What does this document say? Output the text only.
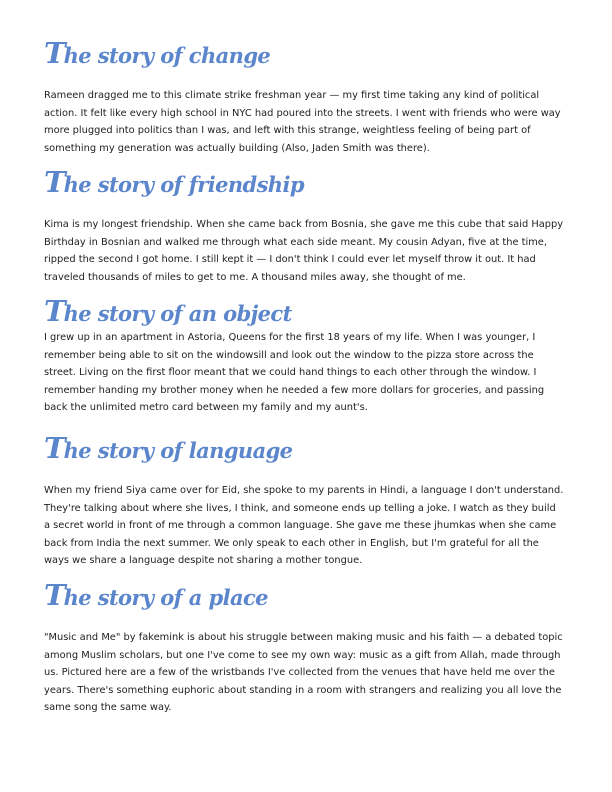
The story of change

Rameen dragged me to this climate strike freshman year — my first time taking any kind of political action. It felt like every high school in NYC had poured into the streets. I went with friends who were way more plugged into politics than I was, and left with this strange, weightless feeling of being part of something my generation was actually building (Also, Jaden Smith was there).

The story of friendship

Kima is my longest friendship. When she came back from Bosnia, she gave me this cube that said Happy Birthday in Bosnian and walked me through what each side meant. My cousin Adyan, five at the time, ripped the second I got home. I still kept it — I don't think I could ever let myself throw it out. It had traveled thousands of miles to get to me. A thousand miles away, she thought of me.

The story of an object

I grew up in an apartment in Astoria, Queens for the first 18 years of my life. When I was younger, I remember being able to sit on the windowsill and look out the window to the pizza store across the street. Living on the first floor meant that we could hand things to each other through the window. I remember handing my brother money when he needed a few more dollars for groceries, and passing back the unlimited metro card between my family and my aunt's.

The story of language

When my friend Siya came over for Eid, she spoke to my parents in Hindi, a language I don't understand. They're talking about where she lives, I think, and someone ends up telling a joke. I watch as they build a secret world in front of me through a common language. She gave me these jhumkas when she came back from India the next summer. We only speak to each other in English, but I'm grateful for all the ways we share a language despite not sharing a mother tongue.

The story of a place

"Music and Me" by fakemink is about his struggle between making music and his faith — a debated topic among Muslim scholars, but one I've come to see my own way: music as a gift from Allah, made through us. Pictured here are a few of the wristbands I've collected from the venues that have held me over the years. There's something euphoric about standing in a room with strangers and realizing you all love the same song the same way.
